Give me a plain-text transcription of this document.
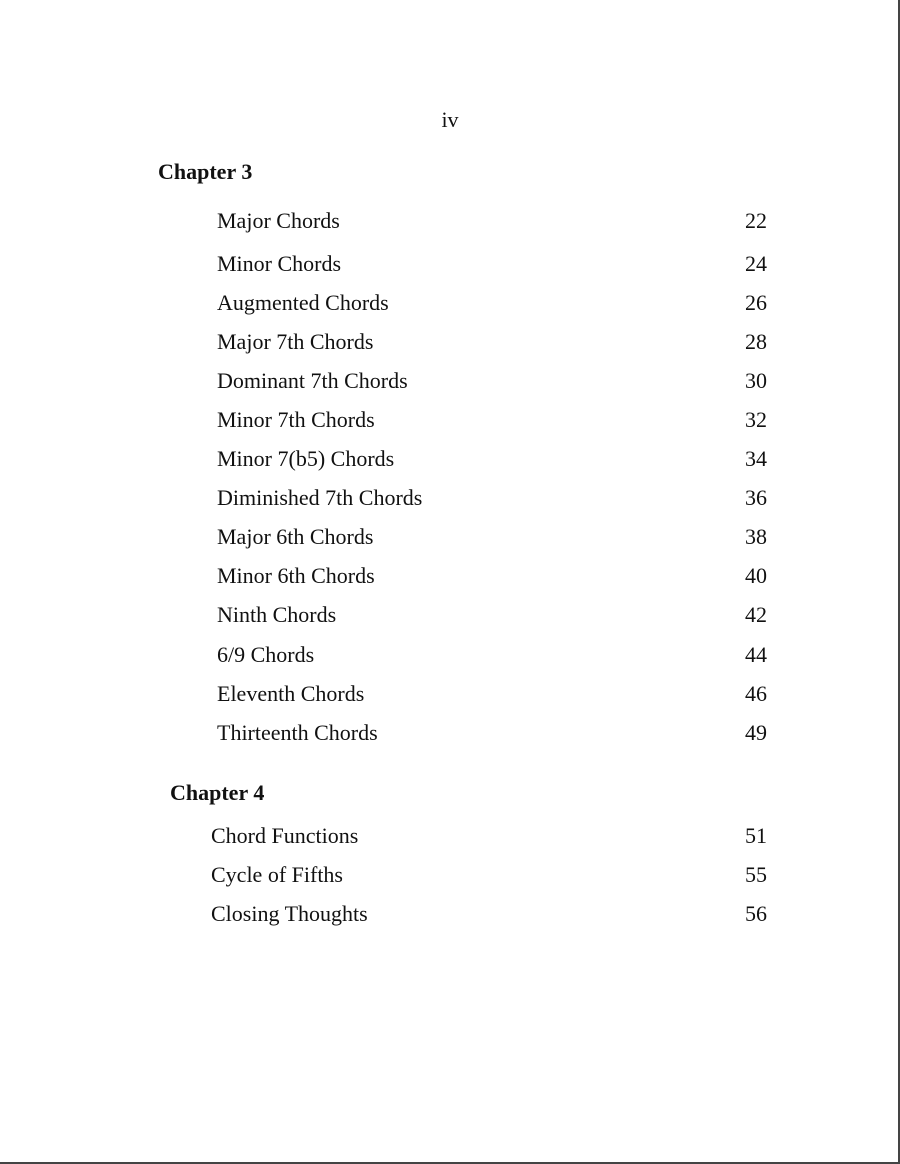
iv
Chapter 3
Major Chords	22
Minor Chords	24
Augmented Chords	26
Major 7th Chords	28
Dominant 7th Chords	30
Minor 7th Chords	32
Minor 7(b5) Chords	34
Diminished 7th Chords	36
Major 6th Chords	38
Minor 6th Chords	40
Ninth Chords	42
6/9 Chords	44
Eleventh Chords	46
Thirteenth Chords	49
Chapter 4
Chord Functions	51
Cycle of Fifths	55
Closing Thoughts	56
